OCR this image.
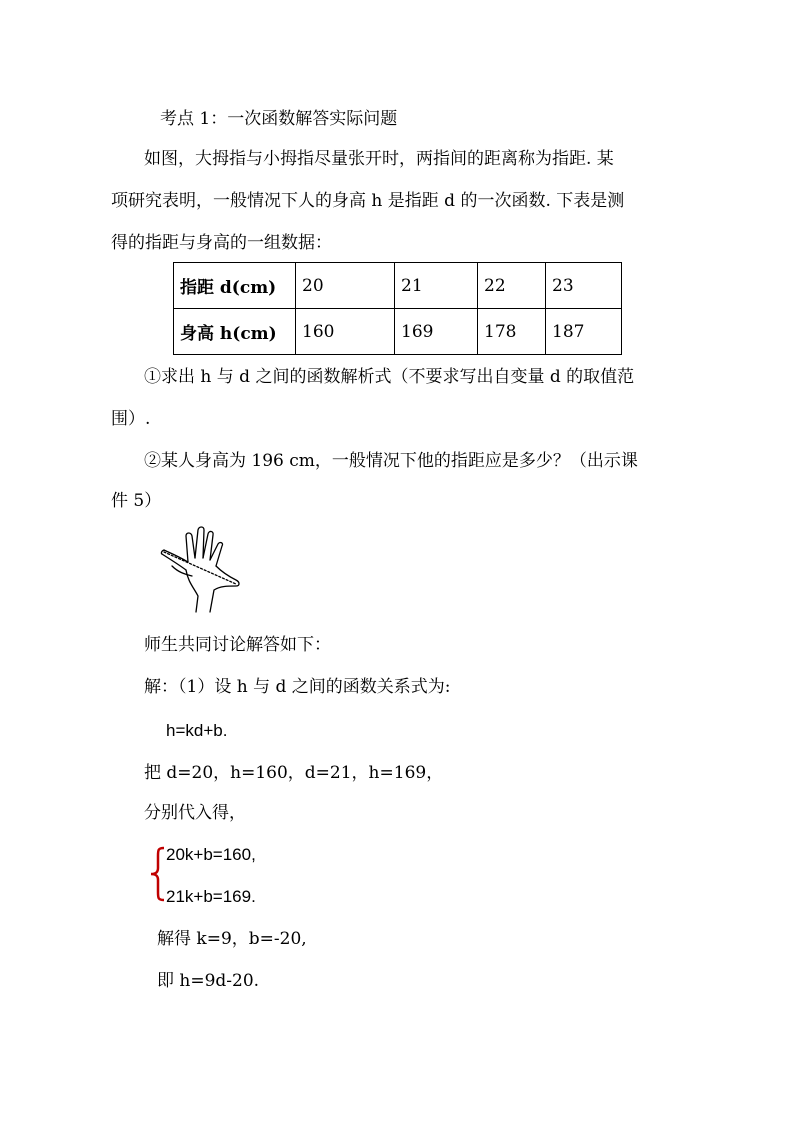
考点 1：一次函数解答实际问题
如图，大拇指与小拇指尽量张开时，两指间的距离称为指距. 某
项研究表明，一般情况下人的身高 h 是指距 d 的一次函数. 下表是测
得的指距与身高的一组数据：
指距 d(cm)	20	21	22	23
身高 h(cm)	160	169	178	187
①求出 h 与 d 之间的函数解析式（不要求写出自变量 d 的取值范
围）.
②某人身高为 196 cm，一般情况下他的指距应是多少？（出示课
件 5）
师生共同讨论解答如下：
解：（1）设 h 与 d 之间的函数关系式为:
h=kd+b.
把 d=20，h=160，d=21，h=169，
分别代入得，
20k+b=160,
21k+b=169.
解得 k=9，b=-20,
即 h=9d-20.
